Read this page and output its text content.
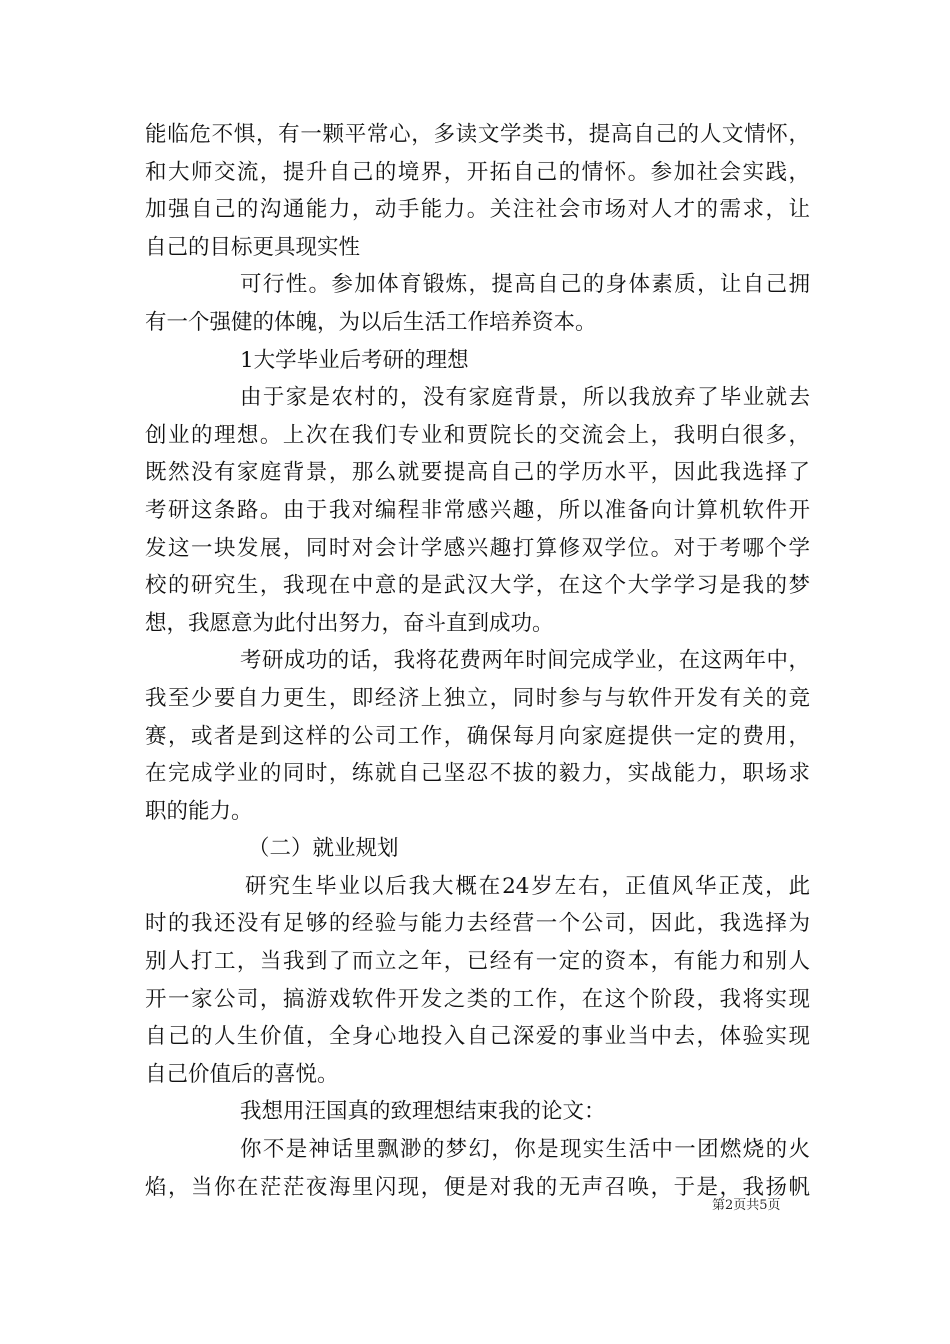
能临危不惧，有一颗平常心，多读文学类书，提高自己的人文情怀，
和大师交流，提升自己的境界，开拓自己的情怀。参加社会实践，
加强自己的沟通能力，动手能力。关注社会市场对人才的需求，让
自己的目标更具现实性
可行性。参加体育锻炼，提高自己的身体素质，让自己拥
有一个强健的体魄，为以后生活工作培养资本。
1大学毕业后考研的理想
由于家是农村的，没有家庭背景，所以我放弃了毕业就去
创业的理想。上次在我们专业和贾院长的交流会上，我明白很多，
既然没有家庭背景，那么就要提高自己的学历水平，因此我选择了
考研这条路。由于我对编程非常感兴趣，所以准备向计算机软件开
发这一块发展，同时对会计学感兴趣打算修双学位。对于考哪个学
校的研究生，我现在中意的是武汉大学，在这个大学学习是我的梦
想，我愿意为此付出努力，奋斗直到成功。
考研成功的话，我将花费两年时间完成学业，在这两年中，
我至少要自力更生，即经济上独立，同时参与与软件开发有关的竞
赛，或者是到这样的公司工作，确保每月向家庭提供一定的费用，
在完成学业的同时，练就自己坚忍不拔的毅力，实战能力，职场求
职的能力。
（二）就业规划
研究生毕业以后我大概在24岁左右，正值风华正茂，此
时的我还没有足够的经验与能力去经营一个公司，因此，我选择为
别人打工，当我到了而立之年，已经有一定的资本，有能力和别人
开一家公司，搞游戏软件开发之类的工作，在这个阶段，我将实现
自己的人生价值，全身心地投入自己深爱的事业当中去，体验实现
自己价值后的喜悦。
我想用汪国真的致理想结束我的论文：
你不是神话里飘渺的梦幻，你是现实生活中一团燃烧的火
焰，当你在茫茫夜海里闪现，便是对我的无声召唤，于是，我扬帆
第2页共5页
